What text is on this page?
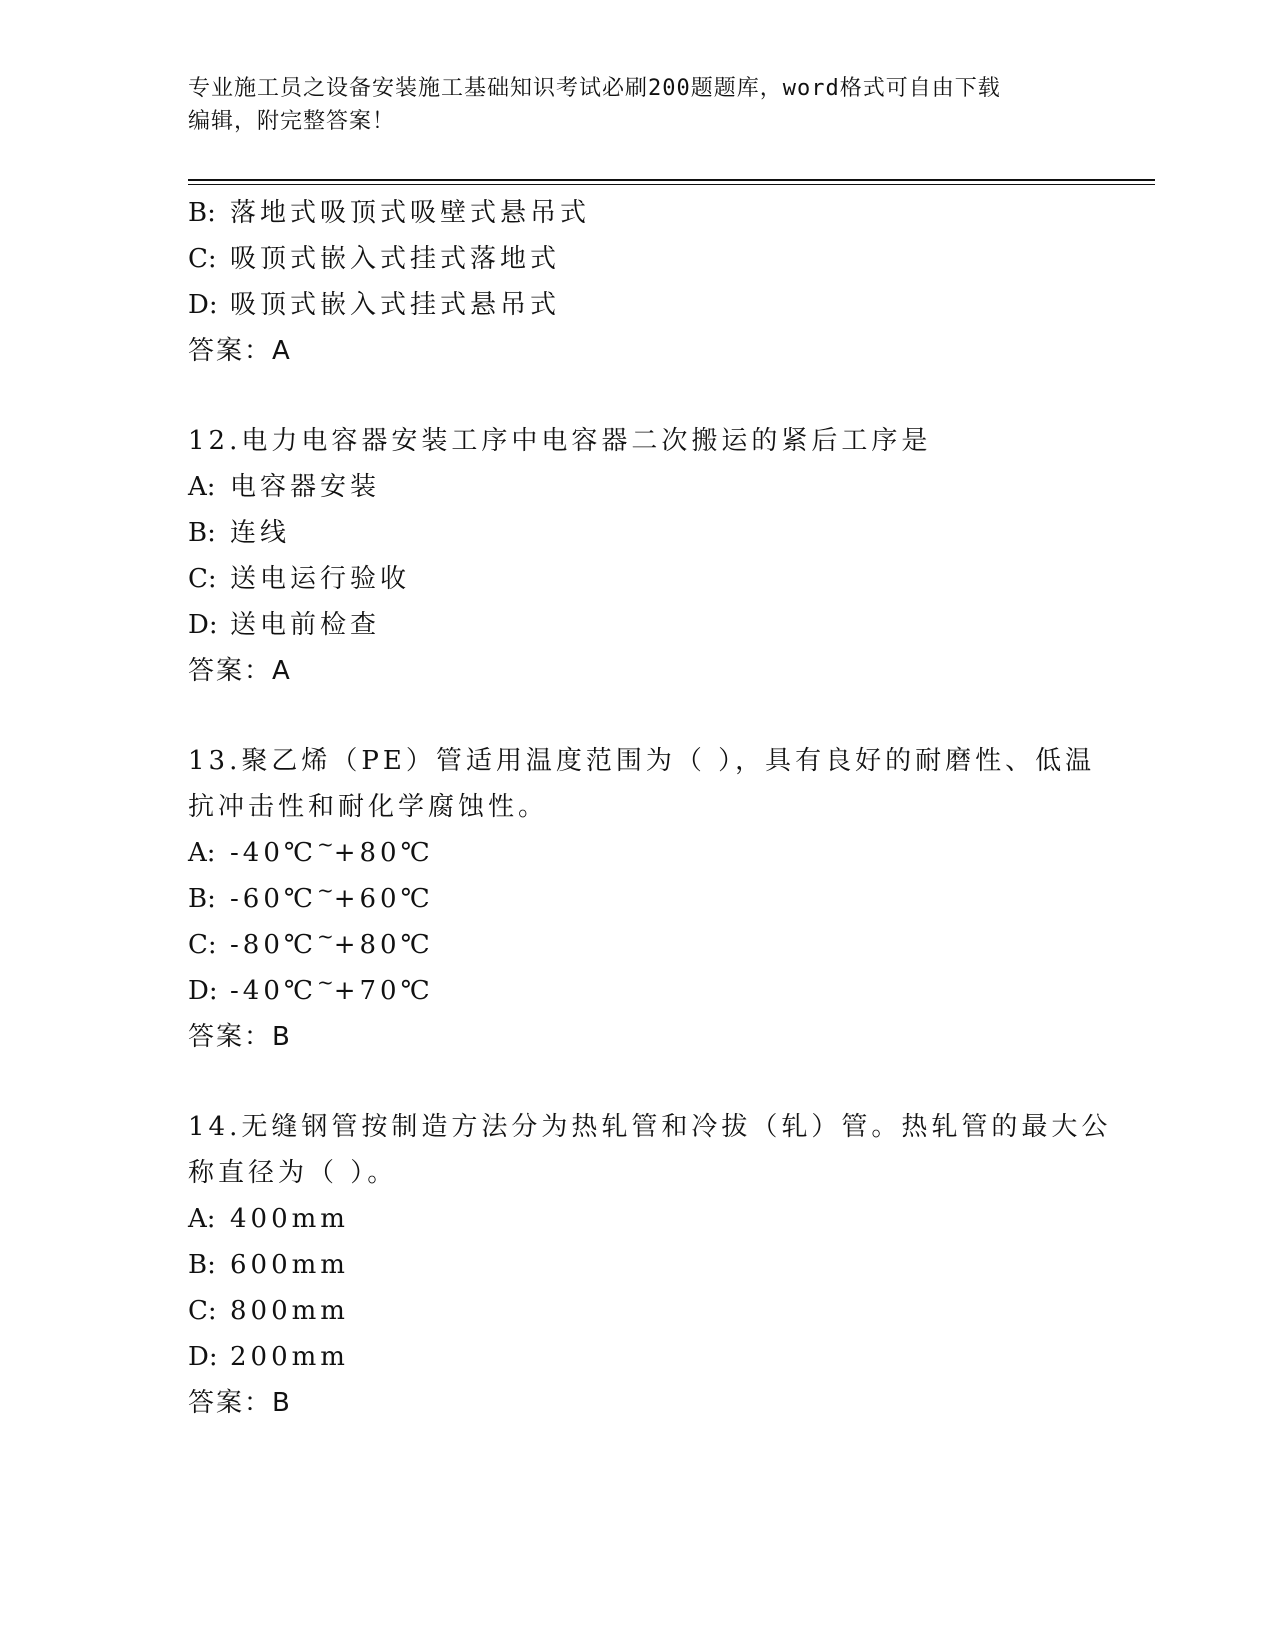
专业施工员之设备安装施工基础知识考试必刷200题题库，word格式可自由下载
编辑，附完整答案！
B: 落地式吸顶式吸壁式悬吊式
C: 吸顶式嵌入式挂式落地式
D: 吸顶式嵌入式挂式悬吊式
答案：A
12.电力电容器安装工序中电容器二次搬运的紧后工序是
A: 电容器安装
B: 连线
C: 送电运行验收
D: 送电前检查
答案：A
13.聚乙烯（PE）管适用温度范围为（ ），具有良好的耐磨性、低温
抗冲击性和耐化学腐蚀性。
A: -40℃~+80℃
B: -60℃~+60℃
C: -80℃~+80℃
D: -40℃~+70℃
答案：B
14.无缝钢管按制造方法分为热轧管和冷拔（轧）管。热轧管的最大公
称直径为（ ）。
A: 400mm
B: 600mm
C: 800mm
D: 200mm
答案：B
